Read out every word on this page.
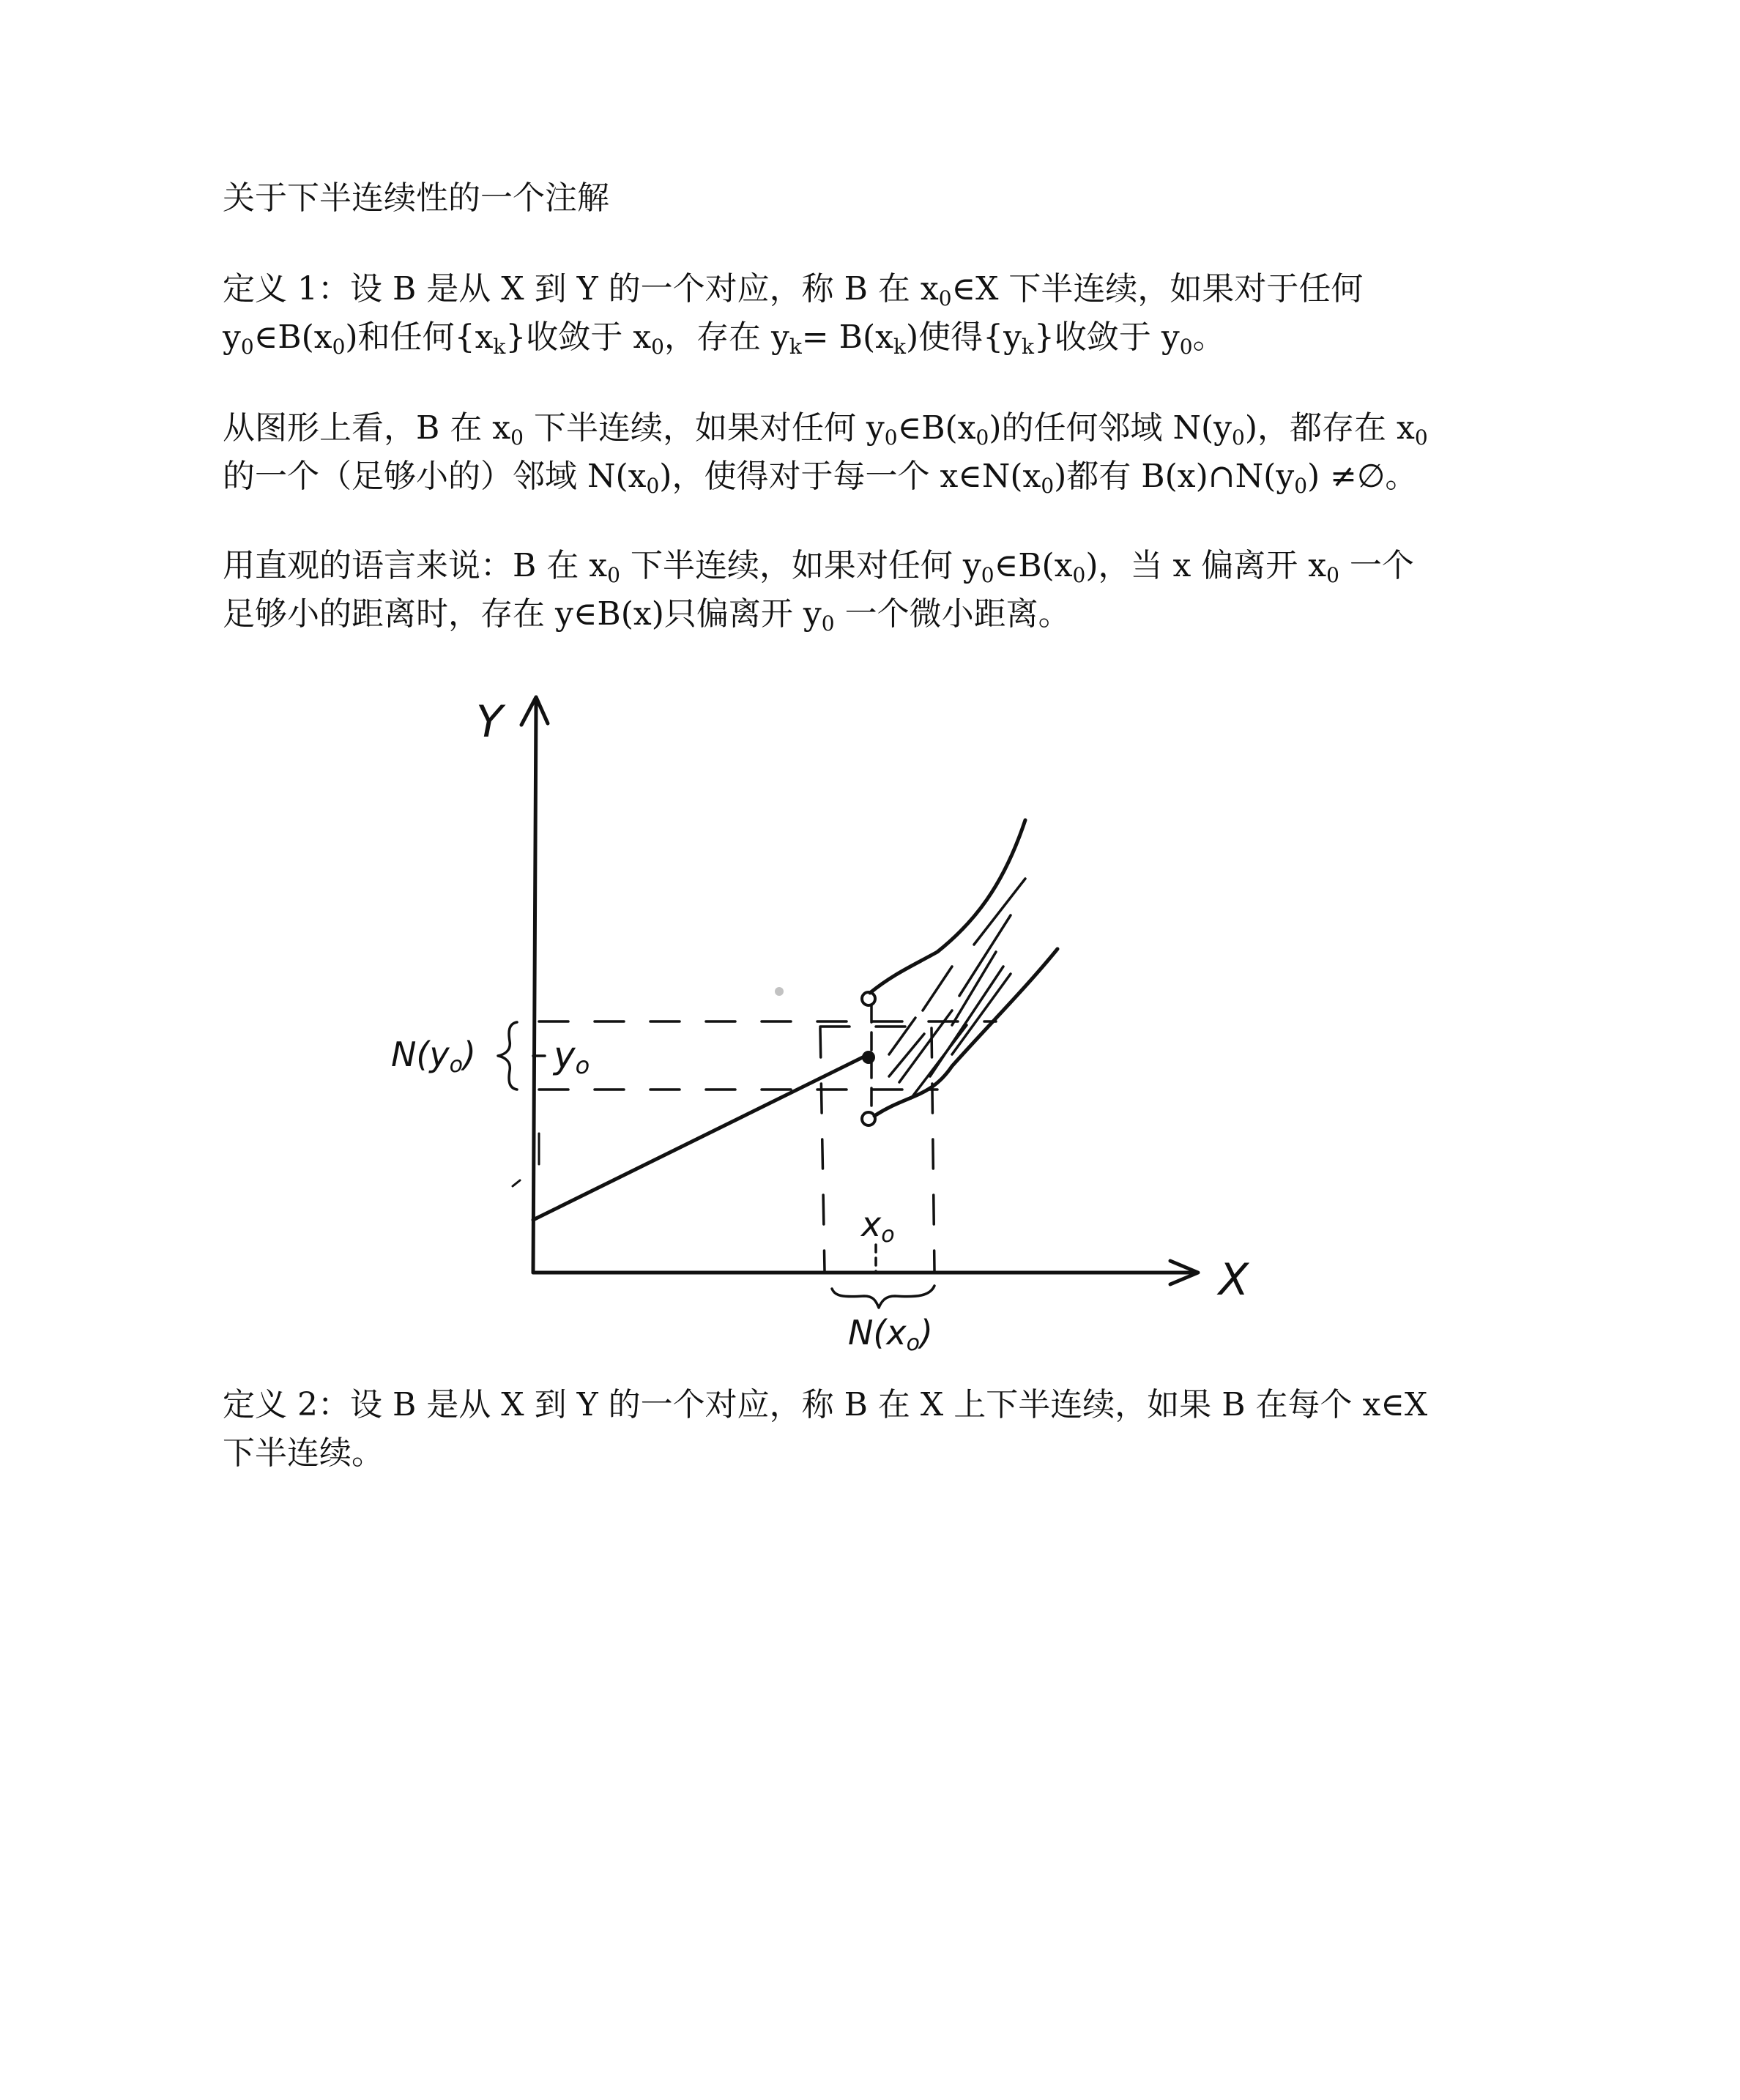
关于下半连续性的一个注解

定义 1：设 B 是从 X 到 Y 的一个对应，称 B 在 $x_0\in X$ 下半连续，如果对于任何
$y_0\in B(x_0)$和任何$\{x_k\}$收敛于 $x_0$，存在 $y_k= B(x_k)$使得$\{y_k\}$收敛于 $y_0$。
从图形上看，B 在 $x_0$ 下半连续，如果对任何 $y_0\in B(x_0)$的任何邻域 $N(y_0)$，都存在 $x_0$
的一个（足够小的）邻域 $N(x_0)$，使得对于每一个 $x\in N(x_0)$都有 $B(x)\cap N(y_0)$ ≠∅。
用直观的语言来说：B 在 $x_0$ 下半连续，如果对任何 $y_0\in B(x_0)$，当 x 偏离开 $x_0$ 一个
足够小的距离时，存在 y∈B(x)只偏离开 $y_0$ 一个微小距离。
Y
X
N(yo) yo
xo
N(xo)
定义 2：设 B 是从 X 到 Y 的一个对应，称 B 在 X 上下半连续，如果 B 在每个 x∈X
下半连续。
